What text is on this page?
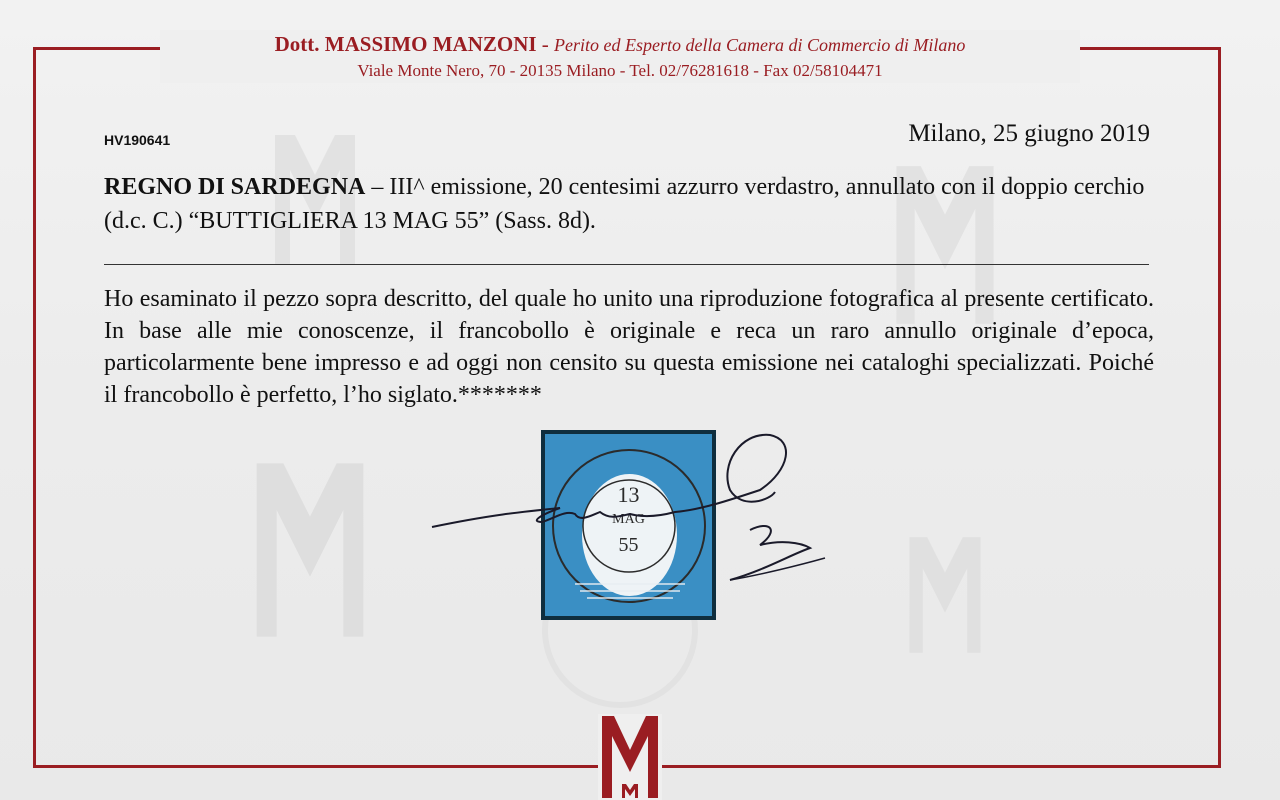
Dott. MASSIMO MANZONI - Perito ed Esperto della Camera di Commercio di Milano
Viale Monte Nero, 70 - 20135 Milano - Tel. 02/76281618 - Fax 02/58104471
HV190641	Milano, 25 giugno 2019
REGNO DI SARDEGNA – III^ emissione, 20 centesimi azzurro verdastro, annullato con il doppio cerchio (d.c. C.) “BUTTIGLIERA 13 MAG 55” (Sass. 8d).
Ho esaminato il pezzo sopra descritto, del quale ho unito una riproduzione fotografica al presente certificato. In base alle mie conoscenze, il francobollo è originale e reca un raro annullo originale d’epoca, particolarmente bene impresso e ad oggi non censito su questa emissione nei cataloghi specializzati. Poiché il francobollo è perfetto, l’ho siglato.*******
13
MAG
55
